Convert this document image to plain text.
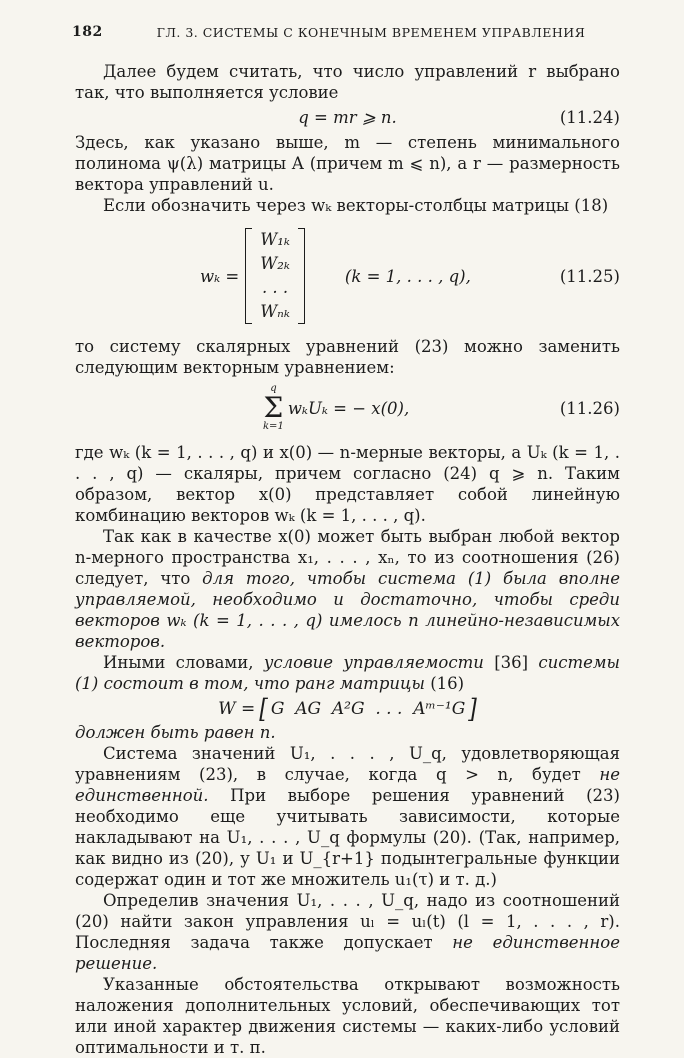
182	ГЛ. 3. СИСТЕМЫ С КОНЕЧНЫМ ВРЕМЕНЕМ УПРАВЛЕНИЯ

Далее будем считать, что число управлений r выбрано так, что выполняется условие

q = mr ⩾ n.	(11.24)

Здесь, как указано выше, m — степень минимального полинома ψ(λ) матрицы A (причем m ⩽ n), а r — размерность вектора управлений u.

Если обозначить через wₖ векторы-столбцы матрицы (18)

wₖ =
W₁ₖ
W₂ₖ
. . .
Wₙₖ
(k = 1, . . . , q),	(11.25)

то систему скалярных уравнений (23) можно заменить следующим векторным уравнением:

q
Σ
k=1
wₖUₖ = − x(0),	(11.26)

где wₖ (k = 1, . . . , q) и x(0) — n-мерные векторы, а Uₖ (k = 1, . . . , q) — скаляры, причем согласно (24) q ⩾ n. Таким образом, вектор x(0) представляет собой линейную комбинацию векторов wₖ (k = 1, . . . , q).

Так как в качестве x(0) может быть выбран любой вектор n-мерного пространства x₁, . . . , xₙ, то из соотношения (26) следует, что для того, чтобы система (1) была вполне управляемой, необходимо и достаточно, чтобы среди векторов wₖ (k = 1, . . . , q) имелось n линейно-независимых векторов.

Иными словами, условие управляемости [36] системы (1) состоит в том, что ранг матрицы (16)

W = [ G  AG  A²G  . . .  Aᵐ⁻¹G ]

должен быть равен n.

Система значений U₁, . . . , U_q, удовлетворяющая уравнениям (23), в случае, когда q > n, будет не единственной. При выборе решения уравнений (23) необходимо еще учитывать зависимости, которые накладывают на U₁, . . . , U_q формулы (20). (Так, например, как видно из (20), у U₁ и U_{r+1} подынтегральные функции содержат один и тот же множитель u₁(τ) и т. д.)

Определив значения U₁, . . . , U_q, надо из соотношений (20) найти закон управления uₗ = uₗ(t) (l = 1, . . . , r). Последняя задача также допускает не единственное решение.

Указанные обстоятельства открывают возможность наложения дополнительных условий, обеспечивающих тот или иной характер движения системы — каких-либо условий оптимальности и т. п.
